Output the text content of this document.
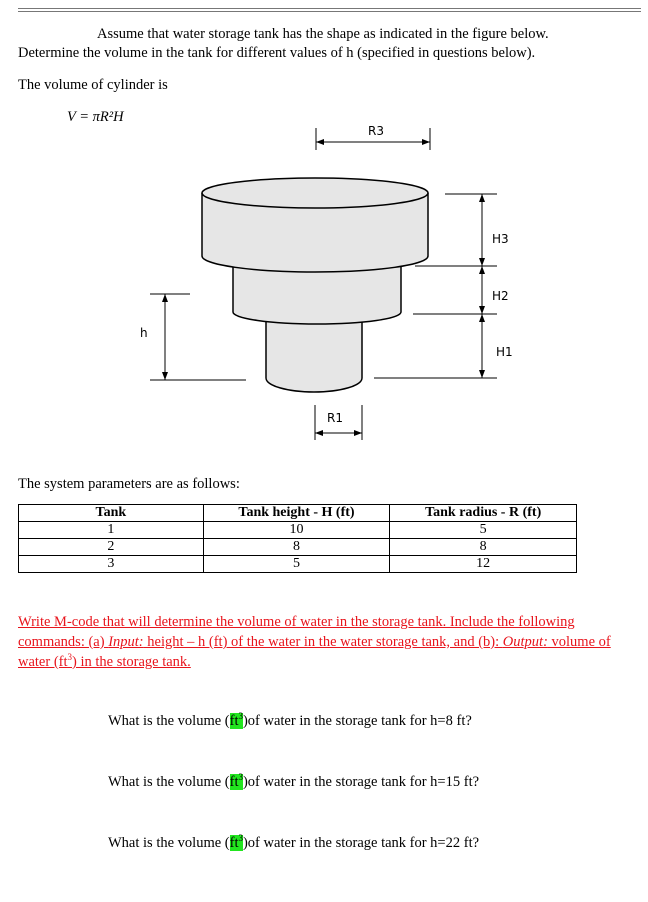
Assume that water storage tank has the shape as indicated in the figure below.
Determine the volume in the tank for different values of h (specified in questions below).
The volume of cylinder is
V = πR²H
R3
R1
h
H3
H2
H1
The system parameters are as follows:
Tank	Tank height - H (ft)	Tank radius - R (ft)
1	10	5
2	8	8
3	5	12
Write M-code that will determine the volume of water in the storage tank. Include the following commands: (a) Input: height – h (ft) of the water in the water storage tank, and (b): Output: volume of water $(ft^3)$ in the storage tank.
What is the volume $(ft^3)of$ water in the storage tank for h=8 ft?
What is the volume $(ft^3)of$ water in the storage tank for h=15 ft?
What is the volume $(ft^3)of$ water in the storage tank for h=22 ft?
